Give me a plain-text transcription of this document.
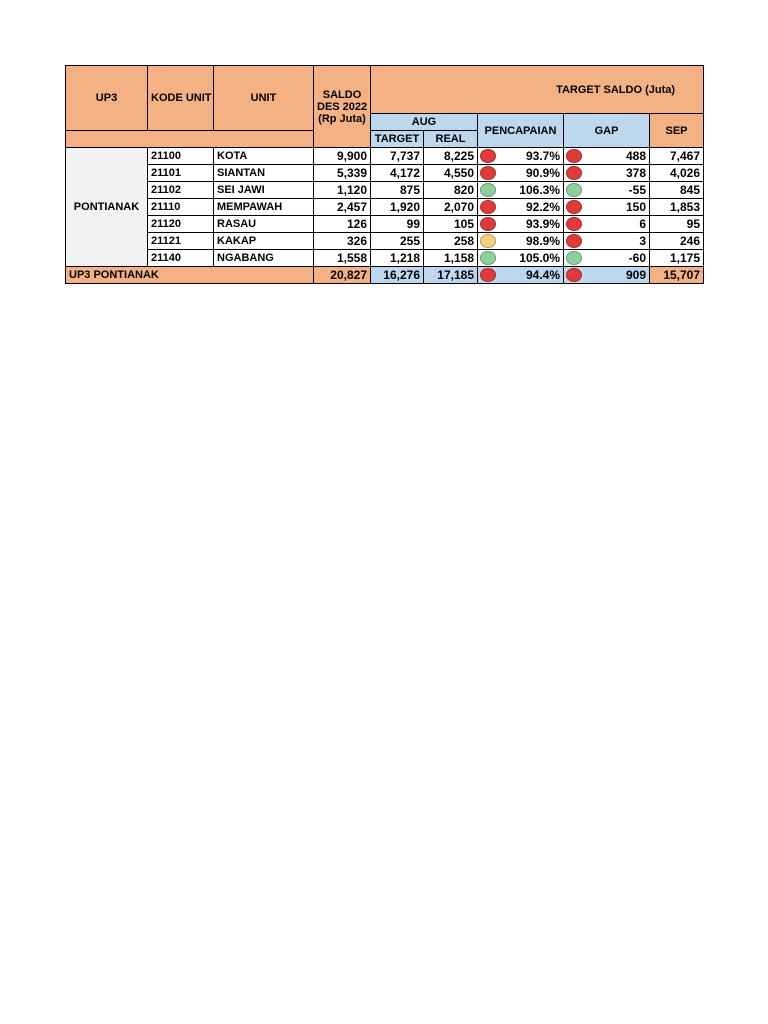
UP3	KODE UNIT	UNIT	SALDO
DES 2022
(Rp Juta)	TARGET SALDO (Juta)				
				AUG		PENCAPAIAN	GAP	SEP
				TARGET	REAL			
PONTIANAK	21100	KOTA	9,900	7,737	8,225	93.7%	488	7,467
	21101	SIANTAN	5,339	4,172	4,550	90.9%	378	4,026
	21102	SEI JAWI	1,120	875	820	106.3%	-55	845
	21110	MEMPAWAH	2,457	1,920	2,070	92.2%	150	1,853
	21120	RASAU	126	99	105	93.9%	6	95
	21121	KAKAP	326	255	258	98.9%	3	246
	21140	NGABANG	1,558	1,218	1,158	105.0%	-60	1,175
UP3 PONTIANAK			20,827	16,276	17,185	94.4%	909	15,707
